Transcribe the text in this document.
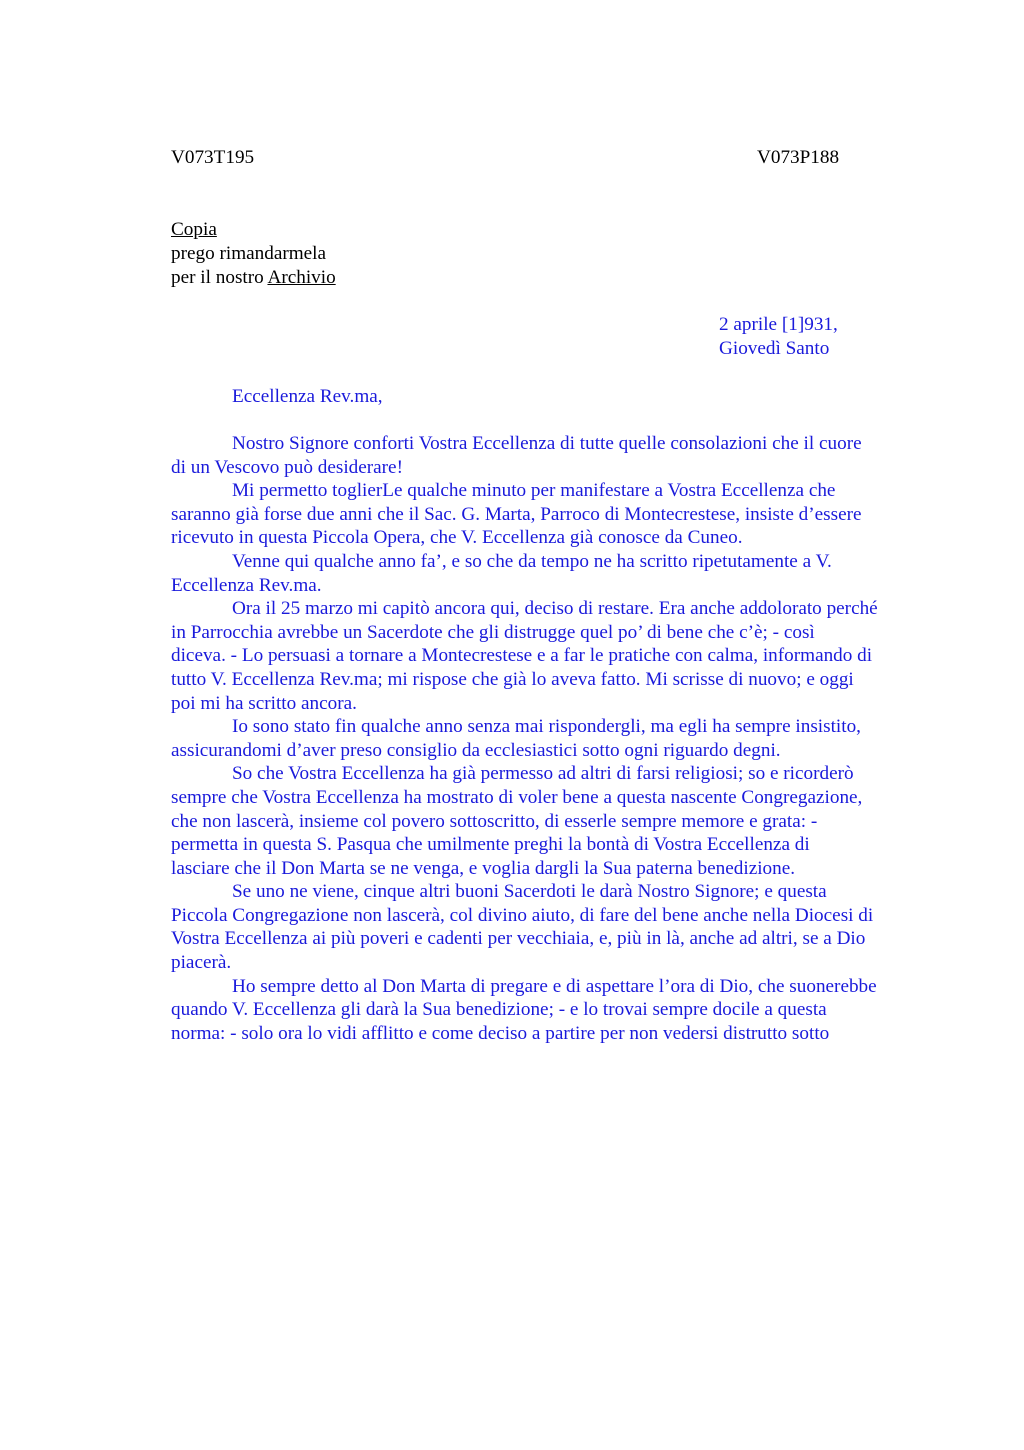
V073T195	V073P188
Copia
prego rimandarmela
per il nostro Archivio
2 aprile [1]931,
Giovedì Santo
Eccellenza Rev.ma,
Nostro Signore conforti Vostra Eccellenza di tutte quelle consolazioni che il cuore
di un Vescovo può desiderare!
Mi permetto toglierLe qualche minuto per manifestare a Vostra Eccellenza che
saranno già forse due anni che il Sac. G. Marta, Parroco di Montecrestese, insiste d’essere
ricevuto in questa Piccola Opera, che V. Eccellenza già conosce da Cuneo.
Venne qui qualche anno fa’, e so che da tempo ne ha scritto ripetutamente a V.
Eccellenza Rev.ma.
Ora il 25 marzo mi capitò ancora qui, deciso di restare. Era anche addolorato perché
in Parrocchia avrebbe un Sacerdote che gli distrugge quel po’ di bene che c’è; - così
diceva. - Lo persuasi a tornare a Montecrestese e a far le pratiche con calma, informando di
tutto V. Eccellenza Rev.ma; mi rispose che già lo aveva fatto. Mi scrisse di nuovo; e oggi
poi mi ha scritto ancora.
Io sono stato fin qualche anno senza mai rispondergli, ma egli ha sempre insistito,
assicurandomi d’aver preso consiglio da ecclesiastici sotto ogni riguardo degni.
So che Vostra Eccellenza ha già permesso ad altri di farsi religiosi; so e ricorderò
sempre che Vostra Eccellenza ha mostrato di voler bene a questa nascente Congregazione,
che non lascerà, insieme col povero sottoscritto, di esserle sempre memore e grata: -
permetta in questa S. Pasqua che umilmente preghi la bontà di Vostra Eccellenza di
lasciare che il Don Marta se ne venga, e voglia dargli la Sua paterna benedizione.
Se uno ne viene, cinque altri buoni Sacerdoti le darà Nostro Signore; e questa
Piccola Congregazione non lascerà, col divino aiuto, di fare del bene anche nella Diocesi di
Vostra Eccellenza ai più poveri e cadenti per vecchiaia, e, più in là, anche ad altri, se a Dio
piacerà.
Ho sempre detto al Don Marta di pregare e di aspettare l’ora di Dio, che suonerebbe
quando V. Eccellenza gli darà la Sua benedizione; - e lo trovai sempre docile a questa
norma: - solo ora lo vidi afflitto e come deciso a partire per non vedersi distrutto sotto
